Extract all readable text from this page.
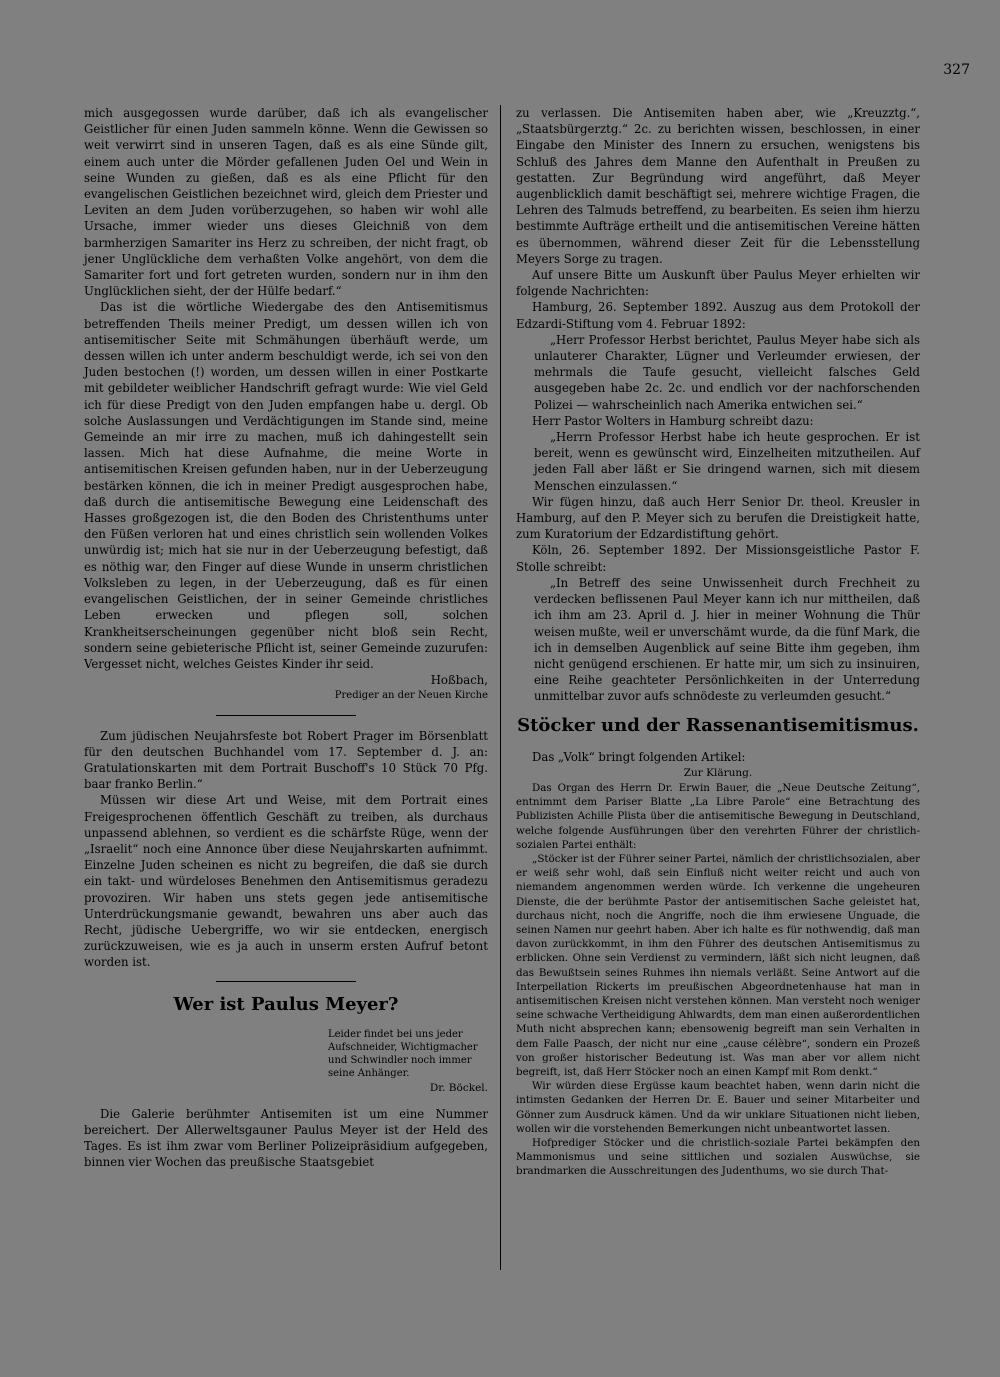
327

mich ausgegossen wurde darüber, daß ich als evangelischer Geistlicher für einen Juden sammeln könne. Wenn die Gewissen so weit verwirrt sind in unseren Tagen, daß es als eine Sünde gilt, einem auch unter die Mörder gefallenen Juden Oel und Wein in seine Wunden zu gießen, daß es als eine Pflicht für den evangelischen Geistlichen bezeichnet wird, gleich dem Priester und Leviten an dem Juden vorüberzugehen, so haben wir wohl alle Ursache, immer wieder uns dieses Gleichniß von dem barmherzigen Samariter ins Herz zu schreiben, der nicht fragt, ob jener Unglückliche dem verhaßten Volke angehört, von dem die Samariter fort und fort getreten wurden, sondern nur in ihm den Unglücklichen sieht, der der Hülfe bedarf.“

Das ist die wörtliche Wiedergabe des den Antisemitismus betreffenden Theils meiner Predigt, um dessen willen ich von antisemitischer Seite mit Schmähungen überhäuft werde, um dessen willen ich unter anderm beschuldigt werde, ich sei von den Juden bestochen (!) worden, um dessen willen in einer Postkarte mit gebildeter weiblicher Handschrift gefragt wurde: Wie viel Geld ich für diese Predigt von den Juden empfangen habe u. dergl. Ob solche Auslassungen und Verdächtigungen im Stande sind, meine Gemeinde an mir irre zu machen, muß ich dahingestellt sein lassen. Mich hat diese Aufnahme, die meine Worte in antisemitischen Kreisen gefunden haben, nur in der Ueberzeugung bestärken können, die ich in meiner Predigt ausgesprochen habe, daß durch die antisemitische Bewegung eine Leidenschaft des Hasses großgezogen ist, die den Boden des Christenthums unter den Füßen verloren hat und eines christlich sein wollenden Volkes unwürdig ist; mich hat sie nur in der Ueberzeugung befestigt, daß es nöthig war, den Finger auf diese Wunde in unserm christlichen Volksleben zu legen, in der Ueberzeugung, daß es für einen evangelischen Geistlichen, der in seiner Gemeinde christliches Leben erwecken und pflegen soll, solchen Krankheitserscheinungen gegenüber nicht bloß sein Recht, sondern seine gebieterische Pflicht ist, seiner Gemeinde zuzurufen: Vergesset nicht, welches Geistes Kinder ihr seid.

Hoßbach,

Prediger an der Neuen Kirche

Zum jüdischen Neujahrsfeste bot Robert Prager im Börsenblatt für den deutschen Buchhandel vom 17. September d. J. an: Gratulationskarten mit dem Portrait Buschoff's 10 Stück 70 Pfg. baar franko Berlin.“

Müssen wir diese Art und Weise, mit dem Portrait eines Freigesprochenen öffentlich Geschäft zu treiben, als durchaus unpassend ablehnen, so verdient es die schärfste Rüge, wenn der „Israelit“ noch eine Annonce über diese Neujahrskarten aufnimmt. Einzelne Juden scheinen es nicht zu begreifen, die daß sie durch ein takt- und würdeloses Benehmen den Antisemitismus geradezu provoziren. Wir haben uns stets gegen jede antisemitische Unterdrückungsmanie gewandt, bewahren uns aber auch das Recht, jüdische Uebergriffe, wo wir sie entdecken, energisch zurückzuweisen, wie es ja auch in unserm ersten Aufruf betont worden ist.

Wer ist Paulus Meyer?
Leider findet bei uns jeder Aufschneider, Wichtigmacher und Schwindler noch immer seine Anhänger.
Dr. Böckel.

Die Galerie berühmter Antisemiten ist um eine Nummer bereichert. Der Allerweltsgauner Paulus Meyer ist der Held des Tages. Es ist ihm zwar vom Berliner Polizeipräsidium aufgegeben, binnen vier Wochen das preußische Staatsgebiet

zu verlassen. Die Antisemiten haben aber, wie „Kreuzztg.“, „Staatsbürgerztg.“ 2c. zu berichten wissen, beschlossen, in einer Eingabe den Minister des Innern zu ersuchen, wenigstens bis Schluß des Jahres dem Manne den Aufenthalt in Preußen zu gestatten. Zur Begründung wird angeführt, daß Meyer augenblicklich damit beschäftigt sei, mehrere wichtige Fragen, die Lehren des Talmuds betreffend, zu bearbeiten. Es seien ihm hierzu bestimmte Aufträge ertheilt und die antisemitischen Vereine hätten es übernommen, während dieser Zeit für die Lebensstellung Meyers Sorge zu tragen.

Auf unsere Bitte um Auskunft über Paulus Meyer erhielten wir folgende Nachrichten:

Hamburg, 26. September 1892. Auszug aus dem Protokoll der Edzardi-Stiftung vom 4. Februar 1892:

„Herr Professor Herbst berichtet, Paulus Meyer habe sich als unlauterer Charakter, Lügner und Verleumder erwiesen, der mehrmals die Taufe gesucht, vielleicht falsches Geld ausgegeben habe 2c. 2c. und endlich vor der nachforschenden Polizei — wahrscheinlich nach Amerika entwichen sei.“

Herr Pastor Wolters in Hamburg schreibt dazu:

„Herrn Professor Herbst habe ich heute gesprochen. Er ist bereit, wenn es gewünscht wird, Einzelheiten mitzutheilen. Auf jeden Fall aber läßt er Sie dringend warnen, sich mit diesem Menschen einzulassen.“

Wir fügen hinzu, daß auch Herr Senior Dr. theol. Kreusler in Hamburg, auf den P. Meyer sich zu berufen die Dreistigkeit hatte, zum Kuratorium der Edzardistiftung gehört.

Köln, 26. September 1892. Der Missionsgeistliche Pastor F. Stolle schreibt:

„In Betreff des seine Unwissenheit durch Frechheit zu verdecken beflissenen Paul Meyer kann ich nur mittheilen, daß ich ihm am 23. April d. J. hier in meiner Wohnung die Thür weisen mußte, weil er unverschämt wurde, da die fünf Mark, die ich in demselben Augenblick auf seine Bitte ihm gegeben, ihm nicht genügend erschienen. Er hatte mir, um sich zu insinuiren, eine Reihe geachteter Persönlichkeiten in der Unterredung unmittelbar zuvor aufs schnödeste zu verleumden gesucht.“

Stöcker und der Rassenantisemitismus.

Das „Volk“ bringt folgenden Artikel:

Zur Klärung.

Das Organ des Herrn Dr. Erwin Bauer, die „Neue Deutsche Zeitung“, entnimmt dem Pariser Blatte „La Libre Parole“ eine Betrachtung des Publizisten Achille Plista über die antisemitische Bewegung in Deutschland, welche folgende Ausführungen über den verehrten Führer der christlich-sozialen Partei enthält:

„Stöcker ist der Führer seiner Partei, nämlich der christlichsozialen, aber er weiß sehr wohl, daß sein Einfluß nicht weiter reicht und auch von niemandem angenommen werden würde. Ich verkenne die ungeheuren Dienste, die der berühmte Pastor der antisemitischen Sache geleistet hat, durchaus nicht, noch die Angriffe, noch die ihm erwiesene Unguade, die seinen Namen nur geehrt haben. Aber ich halte es für nothwendig, daß man davon zurückkommt, in ihm den Führer des deutschen Antisemitismus zu erblicken. Ohne sein Verdienst zu vermindern, läßt sich nicht leugnen, daß das Bewußtsein seines Ruhmes ihn niemals verläßt. Seine Antwort auf die Interpellation Rickerts im preußischen Abgeordnetenhause hat man in antisemitischen Kreisen nicht verstehen können. Man versteht noch weniger seine schwache Vertheidigung Ahlwardts, dem man einen außerordentlichen Muth nicht absprechen kann; ebensowenig begreift man sein Verhalten in dem Falle Paasch, der nicht nur eine „cause célèbre“, sondern ein Prozeß von großer historischer Bedeutung ist. Was man aber vor allem nicht begreift, ist, daß Herr Stöcker noch an einen Kampf mit Rom denkt.“

Wir würden diese Ergüsse kaum beachtet haben, wenn darin nicht die intimsten Gedanken der Herren Dr. E. Bauer und seiner Mitarbeiter und Gönner zum Ausdruck kämen. Und da wir unklare Situationen nicht lieben, wollen wir die vorstehenden Bemerkungen nicht unbeantwortet lassen.

Hofprediger Stöcker und die christlich-soziale Partei bekämpfen den Mammonismus und seine sittlichen und sozialen Auswüchse, sie brandmarken die Ausschreitungen des Judenthums, wo sie durch That-
